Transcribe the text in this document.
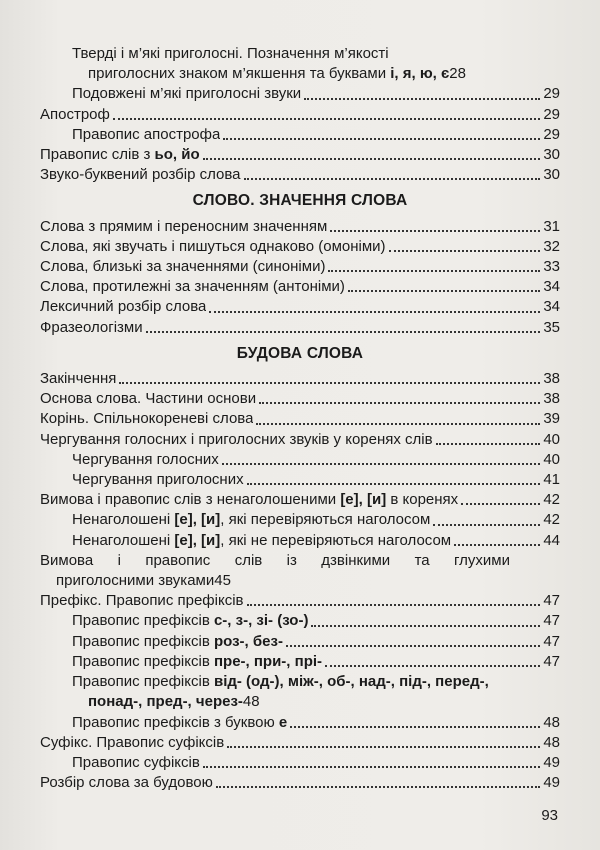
Тверді і м’які приголосні. Позначення м’якості
приголосних знаком м’якшення та буквами і, я, ю, є 28
Подовжені м’які приголосні звуки	29
Апостроф	29
Правопис апострофа	29
Правопис слів з ьо, йо	30
Звуко-буквений розбір слова	30
СЛОВО. ЗНАЧЕННЯ СЛОВА
Слова з прямим і переносним значенням	31
Слова, які звучать і пишуться однаково (омоніми)	32
Слова, близькі за значеннями (синоніми)	33
Слова, протилежні за значенням (антоніми)	34
Лексичний розбір слова	34
Фразеологізми	35
БУДОВА СЛОВА
Закінчення	38
Основа слова. Частини основи	38
Корінь. Спільнокореневі слова	39
Чергування голосних і приголосних звуків у коренях слів	40
Чергування голосних	40
Чергування приголосних	41
Вимова і правопис слів з ненаголошеними [е], [и] в коренях	42
Ненаголошені [е], [и], які перевіряються наголосом	42
Ненаголошені [е], [и], які не перевіряються наголосом	44
Вимова і правопис слів із дзвінкими та глухими
приголосними звуками 45
Префікс. Правопис префіксів	47
Правопис префіксів с-, з-, зі- (зо-)	47
Правопис префіксів роз-, без-	47
Правопис префіксів пре-, при-, прі-	47
Правопис префіксів від- (од-), між-, об-, над-, під-, перед-,
понад-, пред-, через- 48
Правопис префіксів з буквою е	48
Суфікс. Правопис суфіксів	48
Правопис суфіксів	49
Розбір слова за будовою	49
93
